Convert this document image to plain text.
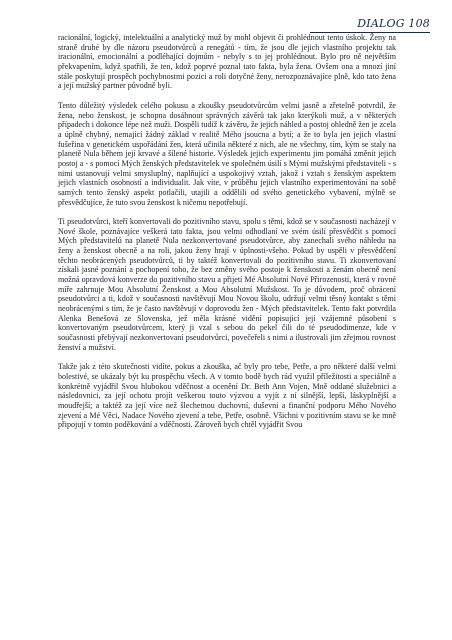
DIALOG 108

racionální, logický, intelektuální a analytický muž by mohl objevit či prohlédnout tento úskok. Ženy na straně druhé by dle názoru pseudotvůrců a renegátů - tím, že jsou dle jejich vlastního projektu tak iracionální, emocionální a podléhající dojmům - nebyly s to jej prohlédnout. Bylo pro ně největším překvapením, když spatřili, že ten, kdož poprvé poznal tato fakta, byla žena. Ovšem ona a mnozí jiní stále poskytují prospěch pochybnostmi pozici a roli dotyčné ženy, nerozpoznávajíce plně, kdo tato žena a její mužský partner původně byli.

Tento důležitý výsledek celého pokusu a zkoušky pseudotvůrcům velmi jasně a zřetelně potvrdil, že žena, nebo ženskost, je schopna dosáhnout správných závěrů tak jako kterýkoli muž, a v některých případech i dokonce lépe než muži. Dospěli tudíž k závěru, že jejich náhled a postoj ohledně žen je zcela a úplně chybný, nemající žádný základ v realitě Mého jsoucna a bytí; a že to byla jen jejich vlastní fušeřina v genetickém uspořádání žen, která učinila některé z nich, ale ne všechny, tím, kým se staly na planetě Nula během její krvavé a šílené historie. Výsledek jejich experimentu jim pomáhá změnit jejich postoj a - s pomocí Mých ženských představitelek ve společném úsilí s Mými mužskými představiteli - s nimi ustanovují velmi smysluplný, naplňující a uspokojivý vztah, jakož i vztah s ženským aspektem jejich vlastních osobností a individualit. Jak víte, v průběhu jejich vlastního experimentování na sobě samých tento ženský aspekt potlačili, utajili a oddělili od svého genetického vybavení, mýlně se přesvědčujíce, že tuto svou ženskost k ničemu nepotřebují.

Ti pseudotvůrci, kteří konvertovali do pozitivního stavu, spolu s těmi, kdož se v současnosti nacházejí v Nové škole, poznávajíce veškerá tato fakta, jsou velmi odhodlaní ve svém úsilí přesvědčit s pomocí Mých představitelů na planetě Nula nezkonvertované pseudotvůrce, aby zanechali svého náhledu na ženy a ženskost obecně a na roli, jakou ženy hrají v úplnosti-všeho. Pokud by uspěli v přesvědčení těchto neobrácených pseudotvůrců, ti by taktéž konvertovali do pozitivního stavu. Ti zkonvertovaní získali jasné poznání a pochopení toho, že bez změny svého postoje k ženskosti a ženám obecně není možná opravdová konverze do pozitivního stavu a přijetí Mé Absolutní Nové Přirozenosti, která v rovné míře zahrnuje Mou Absolutní Ženskost a Mou Absolutní Mužskost. To je důvodem, proč obrácení pseudotvůrci a ti, kdož v současnosti navštěvují Mou Novou školu, udržují velmi těsný kontakt s těmi neobrácenými s tím, že je často navštěvují v doprovodu žen - Mých představitelek. Tento fakt potvrdila Alenka Benešová ze Slovenska, jež měla krásné vidění popisující její vzájemné působení s konvertovaným pseudotvůrcem, který ji vzal s sebou do pekel čili do té pseudodimenze, kde v současnosti přebývají nezkonvertovaní pseudotvůrci, povečeřeli s nimi a ilustrovali jim zřejmou rovnost ženství a mužství.

Takže jak z této skutečnosti vidíte, pokus a zkouška, ač byly pro tebe, Petře, a pro některé další velmi bolestivé, se ukázaly být ku prospěchu všech. A v tomto bodě bych rád využil příležitosti a speciálně a konkrétně vyjádřil Svou hlubokou vděčnost a ocenění Dr. Beth Ann Vojen, Mně oddané služebnici a následovnici, za její ochotu projít veškerou touto výzvou a vyjít z ní silnější, lepší, láskyplnější a moudřejší; a taktéž za její více než šlechetnou duchovní, duševní a finanční podporu Mého Nového zjevení a Mé Věci, Nadace Nového zjevení a tebe, Petře, osobně. Všichni v pozitivním stavu se ke mně připojují v tomto poděkování a vděčnosti. Zároveň bych chtěl vyjádřit Svou
